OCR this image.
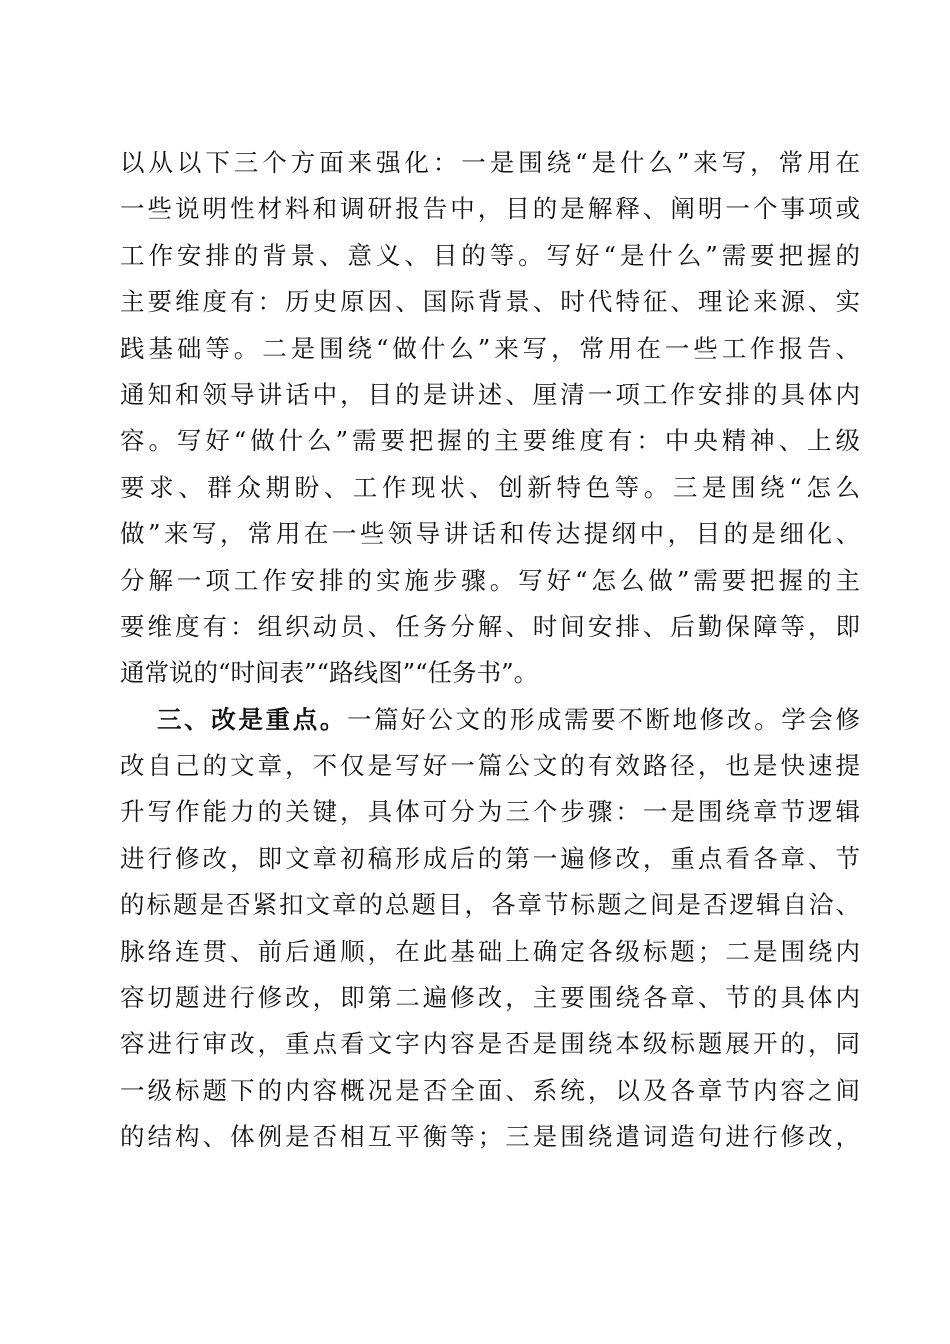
以从以下三个方面来强化：一是围绕“是什么”来写，常用在
一些说明性材料和调研报告中，目的是解释、阐明一个事项或
工作安排的背景、意义、目的等。写好“是什么”需要把握的
主要维度有：历史原因、国际背景、时代特征、理论来源、实
践基础等。二是围绕“做什么”来写，常用在一些工作报告、
通知和领导讲话中，目的是讲述、厘清一项工作安排的具体内
容。写好“做什么”需要把握的主要维度有：中央精神、上级
要求、群众期盼、工作现状、创新特色等。三是围绕“怎么
做”来写，常用在一些领导讲话和传达提纲中，目的是细化、
分解一项工作安排的实施步骤。写好“怎么做”需要把握的主
要维度有：组织动员、任务分解、时间安排、后勤保障等，即
通常说的“时间表”“路线图”“任务书”。
三、改是重点。一篇好公文的形成需要不断地修改。学会修
改自己的文章，不仅是写好一篇公文的有效路径，也是快速提
升写作能力的关键，具体可分为三个步骤：一是围绕章节逻辑
进行修改，即文章初稿形成后的第一遍修改，重点看各章、节
的标题是否紧扣文章的总题目，各章节标题之间是否逻辑自洽、
脉络连贯、前后通顺，在此基础上确定各级标题；二是围绕内
容切题进行修改，即第二遍修改，主要围绕各章、节的具体内
容进行审改，重点看文字内容是否是围绕本级标题展开的，同
一级标题下的内容概况是否全面、系统，以及各章节内容之间
的结构、体例是否相互平衡等；三是围绕遣词造句进行修改，
